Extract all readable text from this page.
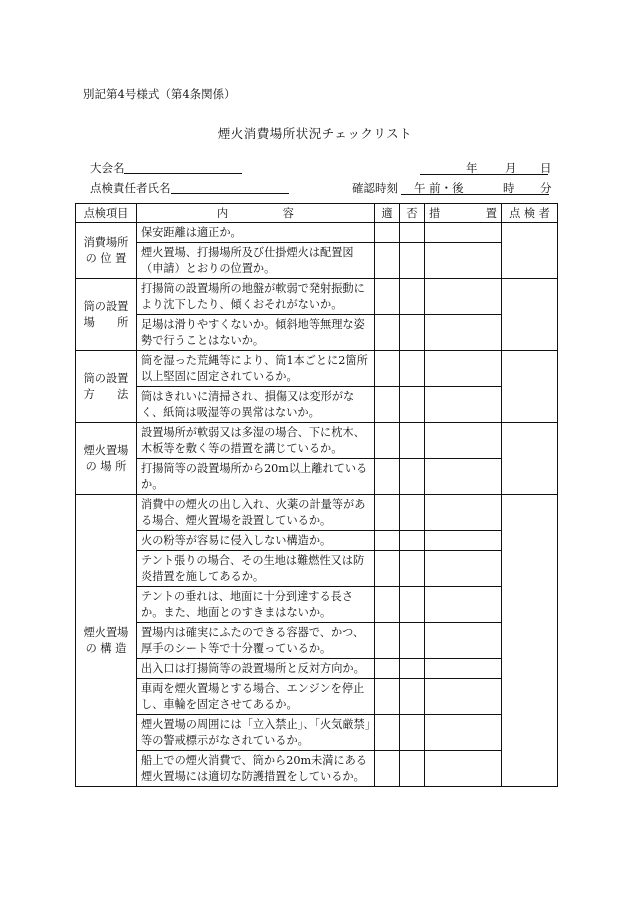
別記第4号様式（第4条関係）
煙火消費場所状況チェックリスト
大会名	年 月 日
点検責任者氏名	確認時刻 午 前・後	時 分
点検項目	内 容	適	否	措 置	点 検 者

消費場所
の 位 置	保安距離は適正か。				
	煙火置場、打揚場所及び仕掛煙火は配置図（申請）とおりの位置か。				

筒の設置
場　　所	打揚筒の設置場所の地盤が軟弱で発射振動により沈下したり、傾くおそれがないか。				
	足場は滑りやすくないか。傾斜地等無理な姿勢で行うことはないか。				

筒の設置
方　　法	筒を湿った荒縄等により、筒1本ごとに2箇所以上堅固に固定されているか。				
	筒はきれいに清掃され、損傷又は変形がなく、紙筒は吸湿等の異常はないか。				

煙火置場
の 場 所	設置場所が軟弱又は多湿の場合、下に枕木、木板等を敷く等の措置を講じているか。				
	打揚筒等の設置場所から20m以上離れているか。				

煙火置場
の 構 造	消費中の煙火の出し入れ、火薬の計量等がある場合、煙火置場を設置しているか。				
	火の粉等が容易に侵入しない構造か。				
	テント張りの場合、その生地は難燃性又は防炎措置を施してあるか。				
	テントの垂れは、地面に十分到達する長さか。また、地面とのすきまはないか。				
	置場内は確実にふたのできる容器で、かつ、厚手のシート等で十分覆っているか。				
	出入口は打揚筒等の設置場所と反対方向か。				
	車両を煙火置場とする場合、エンジンを停止し、車輪を固定させてあるか。				
	煙火置場の周囲には「立入禁止」、「火気厳禁」等の警戒標示がなされているか。				
	船上での煙火消費で、筒から20m未満にある煙火置場には適切な防護措置をしているか。				
